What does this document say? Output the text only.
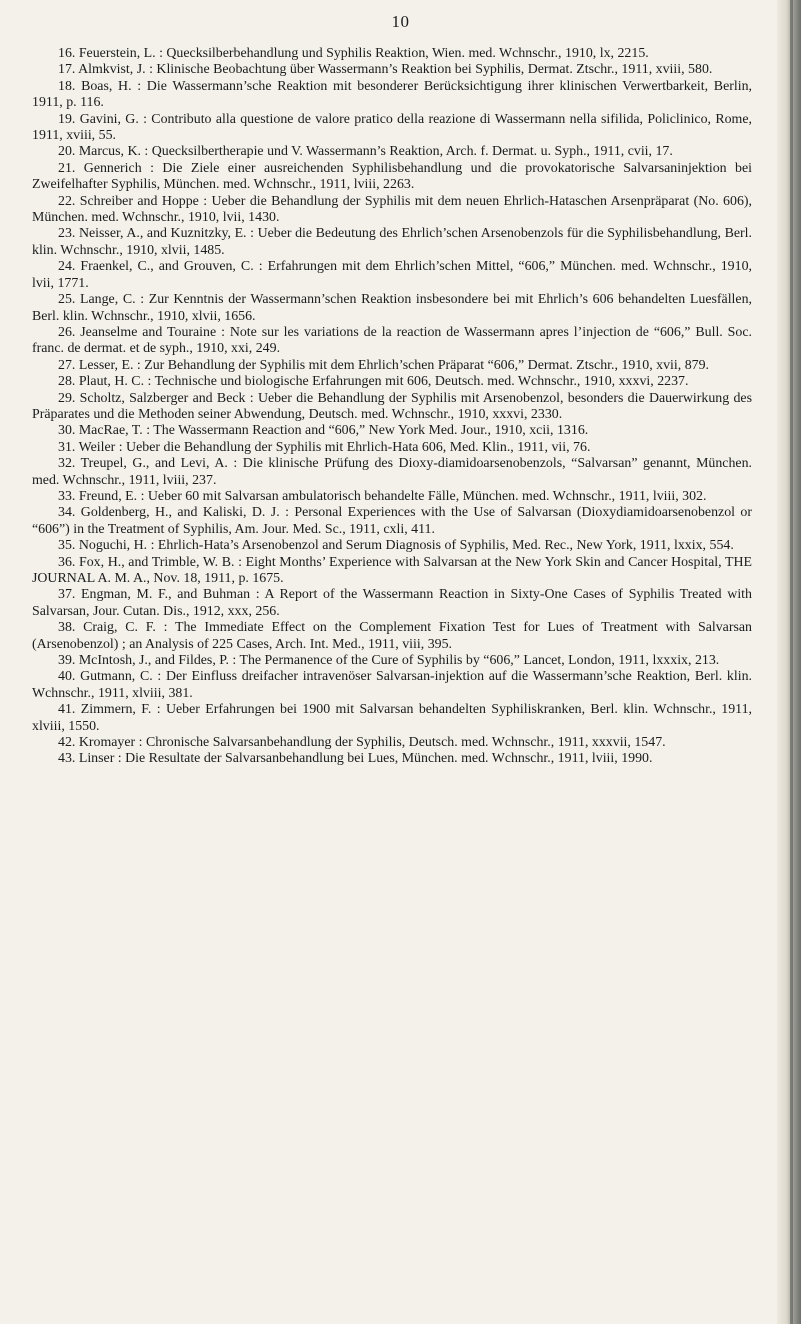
10

16. Feuerstein, L. : Quecksilberbehandlung und Syphilis Reaktion, Wien. med. Wchnschr., 1910, lx, 2215.

17. Almkvist, J. : Klinische Beobachtung über Wassermann’s Reaktion bei Syphilis, Dermat. Ztschr., 1911, xviii, 580.

18. Boas, H. : Die Wassermann’sche Reaktion mit besonderer Berücksichtigung ihrer klinischen Verwertbarkeit, Berlin, 1911, p. 116.

19. Gavini, G. : Contributo alla questione de valore pratico della reazione di Wassermann nella sifilida, Policlinico, Rome, 1911, xviii, 55.

20. Marcus, K. : Quecksilbertherapie und V. Wassermann’s Reaktion, Arch. f. Dermat. u. Syph., 1911, cvii, 17.

21. Gennerich : Die Ziele einer ausreichenden Syphilisbehandlung und die provokatorische Salvarsaninjektion bei Zweifelhafter Syphilis, München. med. Wchnschr., 1911, lviii, 2263.

22. Schreiber and Hoppe : Ueber die Behandlung der Syphilis mit dem neuen Ehrlich-Hataschen Arsenpräparat (No. 606), München. med. Wchnschr., 1910, lvii, 1430.

23. Neisser, A., and Kuznitzky, E. : Ueber die Bedeutung des Ehrlich’schen Arsenobenzols für die Syphilisbehandlung, Berl. klin. Wchnschr., 1910, xlvii, 1485.

24. Fraenkel, C., and Grouven, C. : Erfahrungen mit dem Ehrlich’schen Mittel, “606,” München. med. Wchnschr., 1910, lvii, 1771.

25. Lange, C. : Zur Kenntnis der Wassermann’schen Reaktion insbesondere bei mit Ehrlich’s 606 behandelten Luesfällen, Berl. klin. Wchnschr., 1910, xlvii, 1656.

26. Jeanselme and Touraine : Note sur les variations de la reaction de Wassermann apres l’injection de “606,” Bull. Soc. franc. de dermat. et de syph., 1910, xxi, 249.

27. Lesser, E. : Zur Behandlung der Syphilis mit dem Ehrlich’schen Präparat “606,” Dermat. Ztschr., 1910, xvii, 879.

28. Plaut, H. C. : Technische und biologische Erfahrungen mit 606, Deutsch. med. Wchnschr., 1910, xxxvi, 2237.

29. Scholtz, Salzberger and Beck : Ueber die Behandlung der Syphilis mit Arsenobenzol, besonders die Dauerwirkung des Präparates und die Methoden seiner Abwendung, Deutsch. med. Wchnschr., 1910, xxxvi, 2330.

30. MacRae, T. : The Wassermann Reaction and “606,” New York Med. Jour., 1910, xcii, 1316.

31. Weiler : Ueber die Behandlung der Syphilis mit Ehrlich-Hata 606, Med. Klin., 1911, vii, 76.

32. Treupel, G., and Levi, A. : Die klinische Prüfung des Dioxy-diamidoarsenobenzols, “Salvarsan” genannt, München. med. Wchnschr., 1911, lviii, 237.

33. Freund, E. : Ueber 60 mit Salvarsan ambulatorisch behandelte Fälle, München. med. Wchnschr., 1911, lviii, 302.

34. Goldenberg, H., and Kaliski, D. J. : Personal Experiences with the Use of Salvarsan (Dioxydiamidoarsenobenzol or “606”) in the Treatment of Syphilis, Am. Jour. Med. Sc., 1911, cxli, 411.

35. Noguchi, H. : Ehrlich-Hata’s Arsenobenzol and Serum Diagnosis of Syphilis, Med. Rec., New York, 1911, lxxix, 554.

36. Fox, H., and Trimble, W. B. : Eight Months’ Experience with Salvarsan at the New York Skin and Cancer Hospital, THE JOURNAL A. M. A., Nov. 18, 1911, p. 1675.

37. Engman, M. F., and Buhman : A Report of the Wassermann Reaction in Sixty-One Cases of Syphilis Treated with Salvarsan, Jour. Cutan. Dis., 1912, xxx, 256.

38. Craig, C. F. : The Immediate Effect on the Complement Fixation Test for Lues of Treatment with Salvarsan (Arsenobenzol) ; an Analysis of 225 Cases, Arch. Int. Med., 1911, viii, 395.

39. McIntosh, J., and Fildes, P. : The Permanence of the Cure of Syphilis by “606,” Lancet, London, 1911, lxxxix, 213.

40. Gutmann, C. : Der Einfluss dreifacher intravenöser Salvarsan-injektion auf die Wassermann’sche Reaktion, Berl. klin. Wchnschr., 1911, xlviii, 381.

41. Zimmern, F. : Ueber Erfahrungen bei 1900 mit Salvarsan behandelten Syphiliskranken, Berl. klin. Wchnschr., 1911, xlviii, 1550.

42. Kromayer : Chronische Salvarsanbehandlung der Syphilis, Deutsch. med. Wchnschr., 1911, xxxvii, 1547.

43. Linser : Die Resultate der Salvarsanbehandlung bei Lues, München. med. Wchnschr., 1911, lviii, 1990.
